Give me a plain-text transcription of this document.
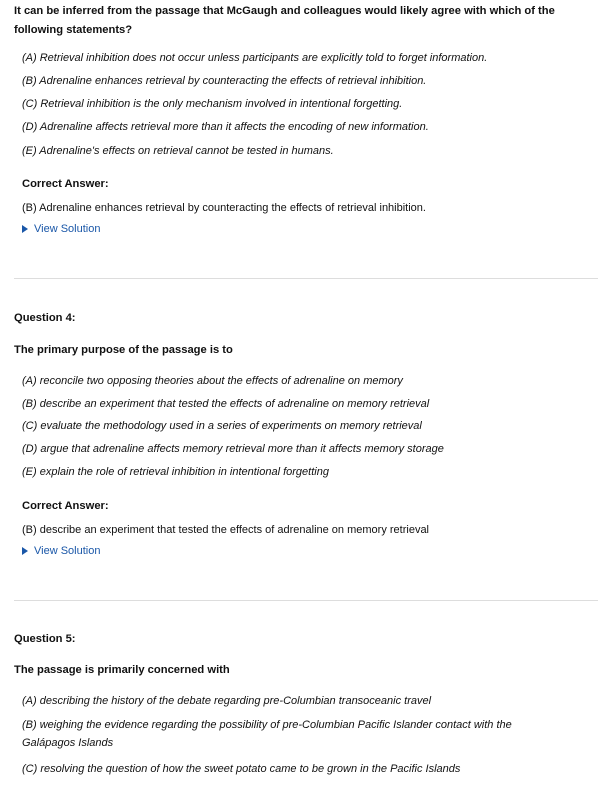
It can be inferred from the passage that McGaugh and colleagues would likely agree with which of the following statements?
(A) Retrieval inhibition does not occur unless participants are explicitly told to forget information.
(B) Adrenaline enhances retrieval by counteracting the effects of retrieval inhibition.
(C) Retrieval inhibition is the only mechanism involved in intentional forgetting.
(D) Adrenaline affects retrieval more than it affects the encoding of new information.
(E) Adrenaline's effects on retrieval cannot be tested in humans.
Correct Answer:
(B) Adrenaline enhances retrieval by counteracting the effects of retrieval inhibition.
View Solution
Question 4:
The primary purpose of the passage is to
(A) reconcile two opposing theories about the effects of adrenaline on memory
(B) describe an experiment that tested the effects of adrenaline on memory retrieval
(C) evaluate the methodology used in a series of experiments on memory retrieval
(D) argue that adrenaline affects memory retrieval more than it affects memory storage
(E) explain the role of retrieval inhibition in intentional forgetting
Correct Answer:
(B) describe an experiment that tested the effects of adrenaline on memory retrieval
View Solution
Question 5:
The passage is primarily concerned with
(A) describing the history of the debate regarding pre-Columbian transoceanic travel
(B) weighing the evidence regarding the possibility of pre-Columbian Pacific Islander contact with the Galápagos Islands
(C) resolving the question of how the sweet potato came to be grown in the Pacific Islands
